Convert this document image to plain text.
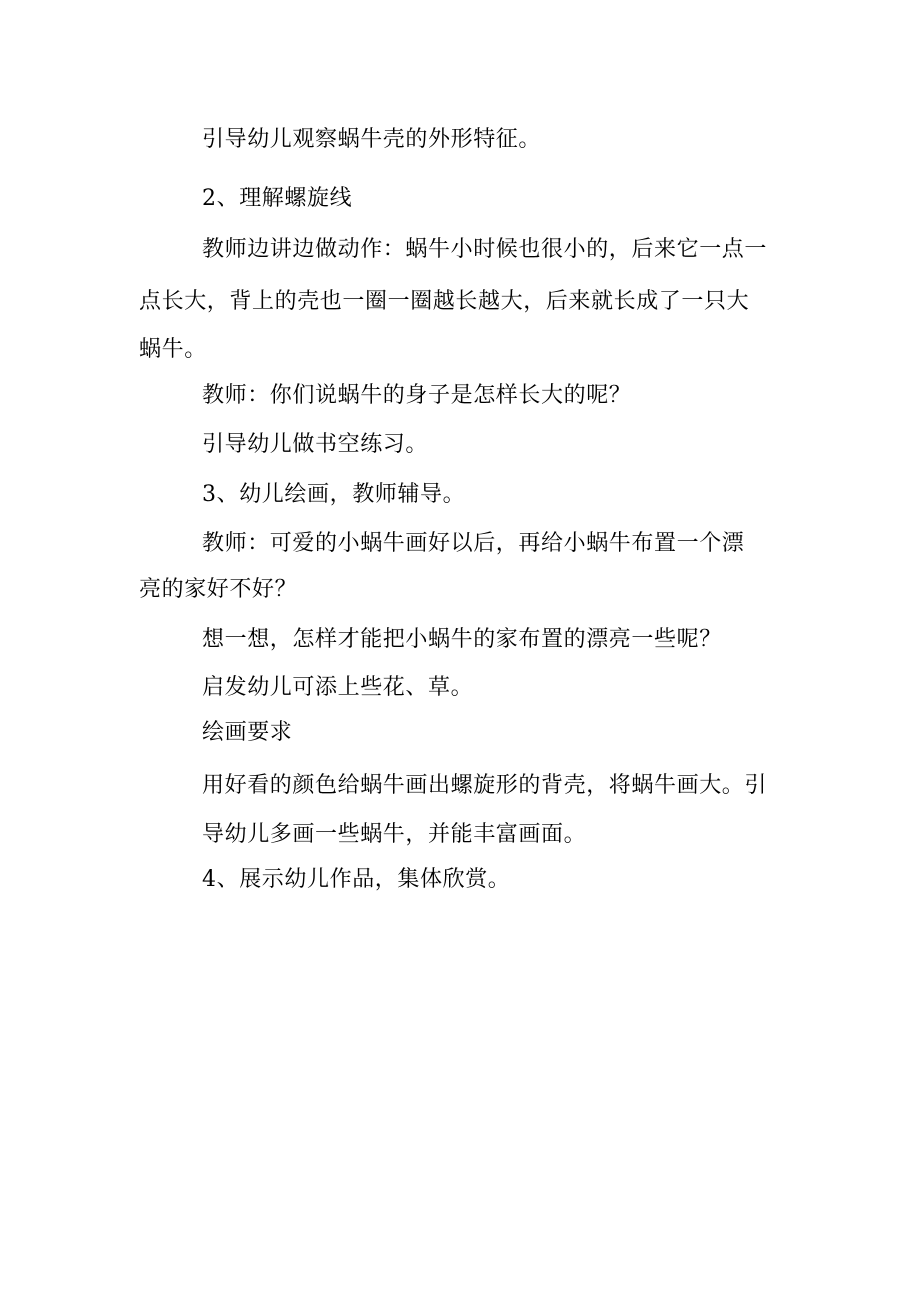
引导幼儿观察蜗牛壳的外形特征。
2、理解螺旋线
教师边讲边做动作：蜗牛小时候也很小的，后来它一点一
点长大，背上的壳也一圈一圈越长越大，后来就长成了一只大
蜗牛。
教师：你们说蜗牛的身子是怎样长大的呢？
引导幼儿做书空练习。
3、幼儿绘画，教师辅导。
教师：可爱的小蜗牛画好以后，再给小蜗牛布置一个漂
亮的家好不好？
想一想，怎样才能把小蜗牛的家布置的漂亮一些呢？
启发幼儿可添上些花、草。
绘画要求
用好看的颜色给蜗牛画出螺旋形的背壳，将蜗牛画大。引
导幼儿多画一些蜗牛，并能丰富画面。
4、展示幼儿作品，集体欣赏。
